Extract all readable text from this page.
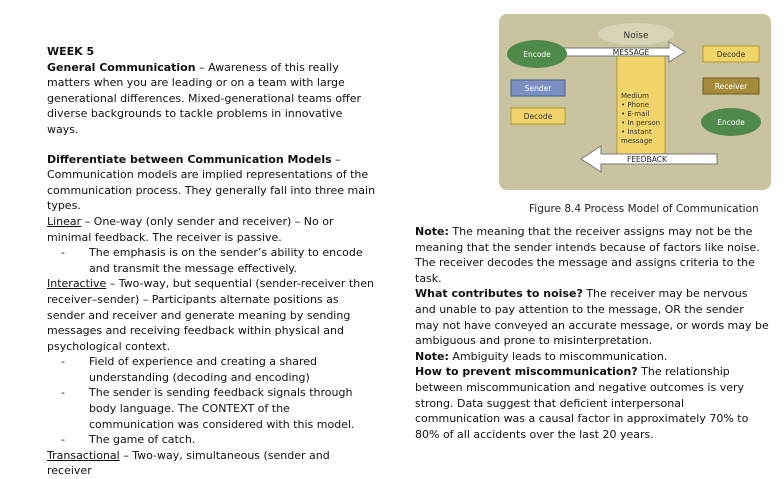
WEEK 5

General Communication – Awareness of this really matters when you are leading or on a team with large generational differences. Mixed-generational teams offer diverse backgrounds to tackle problems in innovative ways.

Differentiate between Communication Models –

Communication models are implied representations of the communication process. They generally fall into three main types.

Linear – One-way (only sender and receiver) – No or minimal feedback. The receiver is passive.

-	The emphasis is on the sender’s ability to encode and transmit the message effectively.

Interactive – Two-way, but sequential (sender-receiver then receiver–sender) – Participants alternate positions as sender and receiver and generate meaning by sending messages and receiving feedback within physical and psychological context.

-	Field of experience and creating a shared understanding (decoding and encoding)
-	The sender is sending feedback signals through body language. The CONTEXT of the communication was considered with this model.
-	The game of catch.

Transactional – Two-way, simultaneous (sender and receiver

Noise
Medium • Phone • E-mail • In person • Instant message
MESSAGE
FEEDBACK
Encode
Sender
Decode
Decode
Receiver
Encode
Figure 8.4 Process Model of Communication

Note: The meaning that the receiver assigns may not be the meaning that the sender intends because of factors like noise. The receiver decodes the message and assigns criteria to the task.

What contributes to noise? The receiver may be nervous and unable to pay attention to the message, OR the sender may not have conveyed an accurate message, or words may be ambiguous and prone to misinterpretation.

Note: Ambiguity leads to miscommunication.

How to prevent miscommunication? The relationship between miscommunication and negative outcomes is very strong. Data suggest that deficient interpersonal communication was a causal factor in approximately 70% to 80% of all accidents over the last 20 years.
